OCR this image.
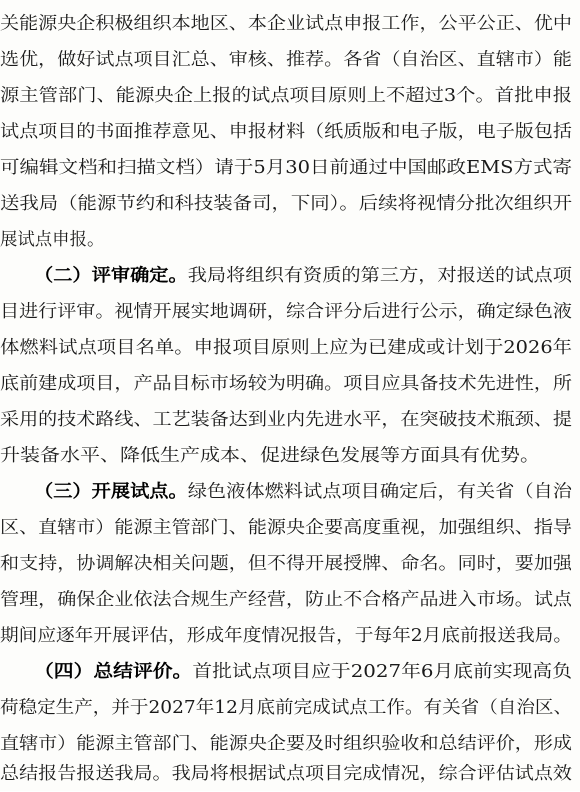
关能源央企积极组织本地区、本企业试点申报工作，公平公正、优中
选优，做好试点项目汇总、审核、推荐。各省（自治区、直辖市）能
源主管部门、能源央企上报的试点项目原则上不超过3个。首批申报
试点项目的书面推荐意见、申报材料（纸质版和电子版，电子版包括
可编辑文档和扫描文档）请于5月30日前通过中国邮政EMS方式寄
送我局（能源节约和科技装备司，下同）。后续将视情分批次组织开
展试点申报。
（二）评审确定。我局将组织有资质的第三方，对报送的试点项
目进行评审。视情开展实地调研，综合评分后进行公示，确定绿色液
体燃料试点项目名单。申报项目原则上应为已建成或计划于2026年
底前建成项目，产品目标市场较为明确。项目应具备技术先进性，所
采用的技术路线、工艺装备达到业内先进水平，在突破技术瓶颈、提
升装备水平、降低生产成本、促进绿色发展等方面具有优势。
（三）开展试点。绿色液体燃料试点项目确定后，有关省（自治
区、直辖市）能源主管部门、能源央企要高度重视，加强组织、指导
和支持，协调解决相关问题，但不得开展授牌、命名。同时，要加强
管理，确保企业依法合规生产经营，防止不合格产品进入市场。试点
期间应逐年开展评估，形成年度情况报告，于每年2月底前报送我局。
（四）总结评价。首批试点项目应于2027年6月底前实现高负
荷稳定生产，并于2027年12月底前完成试点工作。有关省（自治区、
直辖市）能源主管部门、能源央企要及时组织验收和总结评价，形成
总结报告报送我局。我局将根据试点项目完成情况，综合评估试点效
